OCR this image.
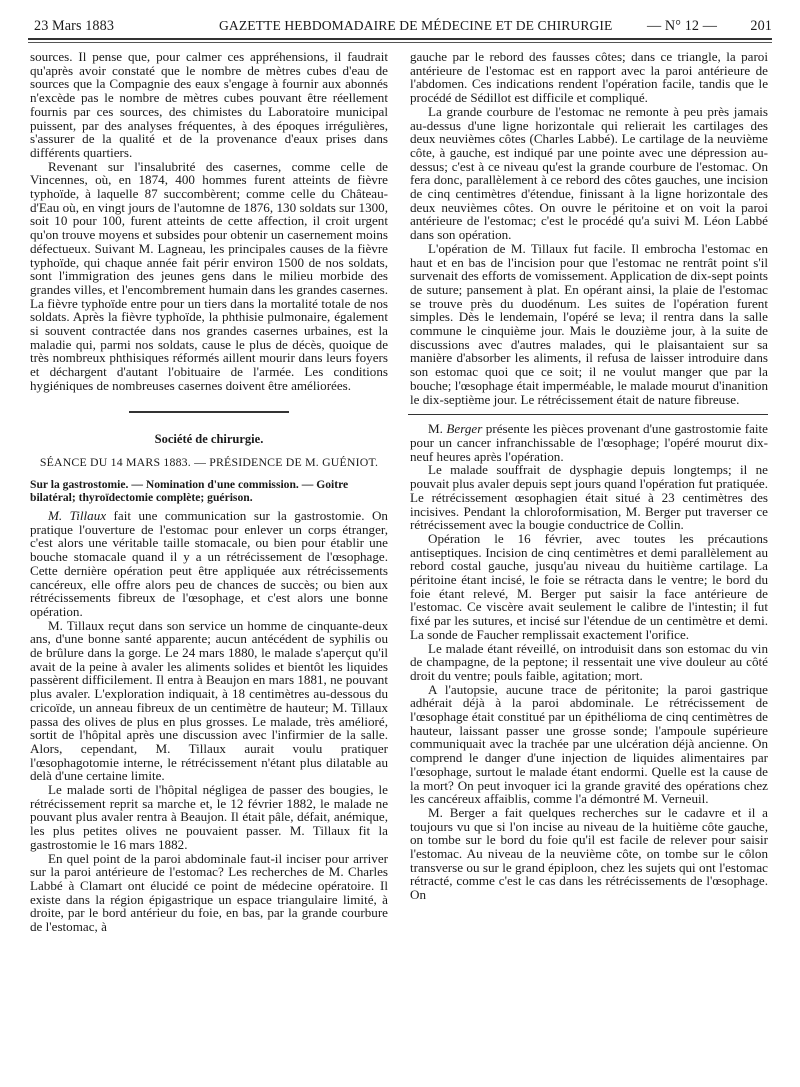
23 Mars 1883	GAZETTE HEBDOMADAIRE DE MÉDECINE ET DE CHIRURGIE — N° 12 — 201

sources. Il pense que, pour calmer ces appréhensions, il faudrait qu'après avoir constaté que le nombre de mètres cubes d'eau de sources que la Compagnie des eaux s'engage à fournir aux abonnés n'excède pas le nombre de mètres cubes pouvant être réellement fournis par ces sources, des chimistes du Laboratoire municipal puissent, par des analyses fréquentes, à des époques irrégulières, s'assurer de la qualité et de la provenance d'eaux prises dans différents quartiers.

Revenant sur l'insalubrité des casernes, comme celle de Vincennes, où, en 1874, 400 hommes furent atteints de fièvre typhoïde, à laquelle 87 succombèrent; comme celle du Château-d'Eau où, en vingt jours de l'automne de 1876, 130 soldats sur 1300, soit 10 pour 100, furent atteints de cette affection, il croit urgent qu'on trouve moyens et subsides pour obtenir un casernement moins défectueux. Suivant M. Lagneau, les principales causes de la fièvre typhoïde, qui chaque année fait périr environ 1500 de nos soldats, sont l'immigration des jeunes gens dans le milieu morbide des grandes villes, et l'encombrement humain dans les grandes casernes. La fièvre typhoïde entre pour un tiers dans la mortalité totale de nos soldats. Après la fièvre typhoïde, la phthisie pulmonaire, également si souvent contractée dans nos grandes casernes urbaines, est la maladie qui, parmi nos soldats, cause le plus de décès, quoique de très nombreux phthisiques réformés aillent mourir dans leurs foyers et déchargent d'autant l'obituaire de l'armée. Les conditions hygiéniques de nombreuses casernes doivent être améliorées.

Société de chirurgie.
SÉANCE DU 14 MARS 1883. — PRÉSIDENCE DE M. GUÉNIOT.
Sur la gastrostomie. — Nomination d'une commission. — Goitre bilatéral; thyroïdectomie complète; guérison.

M. Tillaux fait une communication sur la gastrostomie. On pratique l'ouverture de l'estomac pour enlever un corps étranger, c'est alors une véritable taille stomacale, ou bien pour établir une bouche stomacale quand il y a un rétrécissement de l'œsophage. Cette dernière opération peut être appliquée aux rétrécissements cancéreux, elle offre alors peu de chances de succès; ou bien aux rétrécissements fibreux de l'œsophage, et c'est alors une bonne opération.

M. Tillaux reçut dans son service un homme de cinquante-deux ans, d'une bonne santé apparente; aucun antécédent de syphilis ou de brûlure dans la gorge. Le 24 mars 1880, le malade s'aperçut qu'il avait de la peine à avaler les aliments solides et bientôt les liquides passèrent difficilement. Il entra à Beaujon en mars 1881, ne pouvant plus avaler. L'exploration indiquait, à 18 centimètres au-dessous du cricoïde, un anneau fibreux de un centimètre de hauteur; M. Tillaux passa des olives de plus en plus grosses. Le malade, très amélioré, sortit de l'hôpital après une discussion avec l'infirmier de la salle. Alors, cependant, M. Tillaux aurait voulu pratiquer l'œsophagotomie interne, le rétrécissement n'étant plus dilatable au delà d'une certaine limite.

Le malade sorti de l'hôpital négligea de passer des bougies, le rétrécissement reprit sa marche et, le 12 février 1882, le malade ne pouvant plus avaler rentra à Beaujon. Il était pâle, défait, anémique, les plus petites olives ne pouvaient passer. M. Tillaux fit la gastrostomie le 16 mars 1882.

En quel point de la paroi abdominale faut-il inciser pour arriver sur la paroi antérieure de l'estomac? Les recherches de M. Charles Labbé à Clamart ont élucidé ce point de médecine opératoire. Il existe dans la région épigastrique un espace triangulaire limité, à droite, par le bord antérieur du foie, en bas, par la grande courbure de l'estomac, à

gauche par le rebord des fausses côtes; dans ce triangle, la paroi antérieure de l'estomac est en rapport avec la paroi antérieure de l'abdomen. Ces indications rendent l'opération facile, tandis que le procédé de Sédillot est difficile et compliqué.

La grande courbure de l'estomac ne remonte à peu près jamais au-dessus d'une ligne horizontale qui relierait les cartilages des deux neuvièmes côtes (Charles Labbé). Le cartilage de la neuvième côte, à gauche, est indiqué par une pointe avec une dépression au-dessus; c'est à ce niveau qu'est la grande courbure de l'estomac. On fera donc, parallèlement à ce rebord des côtes gauches, une incision de cinq centimètres d'étendue, finissant à la ligne horizontale des deux neuvièmes côtes. On ouvre le péritoine et on voit la paroi antérieure de l'estomac; c'est le procédé qu'a suivi M. Léon Labbé dans son opération.

L'opération de M. Tillaux fut facile. Il embrocha l'estomac en haut et en bas de l'incision pour que l'estomac ne rentrât point s'il survenait des efforts de vomissement. Application de dix-sept points de suture; pansement à plat. En opérant ainsi, la plaie de l'estomac se trouve près du duodénum. Les suites de l'opération furent simples. Dès le lendemain, l'opéré se leva; il rentra dans la salle commune le cinquième jour. Mais le douzième jour, à la suite de discussions avec d'autres malades, qui le plaisantaient sur sa manière d'absorber les aliments, il refusa de laisser introduire dans son estomac quoi que ce soit; il ne voulut manger que par la bouche; l'œsophage était imperméable, le malade mourut d'inanition le dix-septième jour. Le rétrécissement était de nature fibreuse.

M. Berger présente les pièces provenant d'une gastrostomie faite pour un cancer infranchissable de l'œsophage; l'opéré mourut dix-neuf heures après l'opération.

Le malade souffrait de dysphagie depuis longtemps; il ne pouvait plus avaler depuis sept jours quand l'opération fut pratiquée. Le rétrécissement œsophagien était situé à 23 centimètres des incisives. Pendant la chloroformisation, M. Berger put traverser ce rétrécissement avec la bougie conductrice de Collin.

Opération le 16 février, avec toutes les précautions antiseptiques. Incision de cinq centimètres et demi parallèlement au rebord costal gauche, jusqu'au niveau du huitième cartilage. La péritoine étant incisé, le foie se rétracta dans le ventre; le bord du foie étant relevé, M. Berger put saisir la face antérieure de l'estomac. Ce viscère avait seulement le calibre de l'intestin; il fut fixé par les sutures, et incisé sur l'étendue de un centimètre et demi. La sonde de Faucher remplissait exactement l'orifice.

Le malade étant réveillé, on introduisit dans son estomac du vin de champagne, de la peptone; il ressentait une vive douleur au côté droit du ventre; pouls faible, agitation; mort.

A l'autopsie, aucune trace de péritonite; la paroi gastrique adhérait déjà à la paroi abdominale. Le rétrécissement de l'œsophage était constitué par un épithélioma de cinq centimètres de hauteur, laissant passer une grosse sonde; l'ampoule supérieure communiquait avec la trachée par une ulcération déjà ancienne. On comprend le danger d'une injection de liquides alimentaires par l'œsophage, surtout le malade étant endormi. Quelle est la cause de la mort? On peut invoquer ici la grande gravité des opérations chez les cancéreux affaiblis, comme l'a démontré M. Verneuil.

M. Berger a fait quelques recherches sur le cadavre et il a toujours vu que si l'on incise au niveau de la huitième côte gauche, on tombe sur le bord du foie qu'il est facile de relever pour saisir l'estomac. Au niveau de la neuvième côte, on tombe sur le côlon transverse ou sur le grand épiploon, chez les sujets qui ont l'estomac rétracté, comme c'est le cas dans les rétrécissements de l'œsophage. On
